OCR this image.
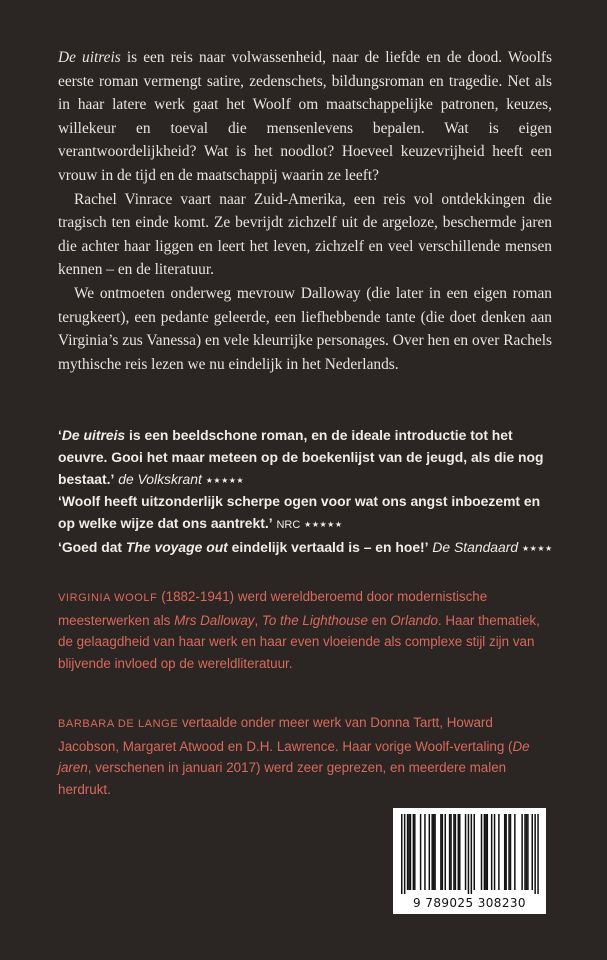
De uitreis is een reis naar volwassenheid, naar de liefde en de dood. Woolfs eerste roman vermengt satire, zedenschets, bildungsroman en tragedie. Net als in haar latere werk gaat het Woolf om maatschappelijke patronen, keuzes, willekeur en toeval die mensenlevens bepalen. Wat is eigen verantwoordelijkheid? Wat is het noodlot? Hoeveel keuzevrijheid heeft een vrouw in de tijd en de maatschappij waarin ze leeft?

Rachel Vinrace vaart naar Zuid-Amerika, een reis vol ontdekkingen die tragisch ten einde komt. Ze bevrijdt zichzelf uit de argeloze, beschermde jaren die achter haar liggen en leert het leven, zichzelf en veel verschillende mensen kennen – en de literatuur.

We ontmoeten onderweg mevrouw Dalloway (die later in een eigen roman terugkeert), een pedante geleerde, een liefhebbende tante (die doet denken aan Virginia’s zus Vanessa) en vele kleurrijke personages. Over hen en over Rachels mythische reis lezen we nu eindelijk in het Nederlands.

‘De uitreis is een beeldschone roman, en de ideale introductie tot het oeuvre. Gooi het maar meteen op de boekenlijst van de jeugd, als die nog bestaat.’ de Volkskrant ★★★★★

‘Woolf heeft uitzonderlijk scherpe ogen voor wat ons angst inboezemt en op welke wijze dat ons aantrekt.’ NRC ★★★★★

‘Goed dat The voyage out eindelijk vertaald is – en hoe!’ De Standaard ★★★★

VIRGINIA WOOLF (1882-1941) werd wereldberoemd door modernistische meesterwerken als Mrs Dalloway, To the Lighthouse en Orlando. Haar thematiek, de gelaagdheid van haar werk en haar even vloeiende als complexe stijl zijn van blijvende invloed op de wereldliteratuur.

BARBARA DE LANGE vertaalde onder meer werk van Donna Tartt, Howard Jacobson, Margaret Atwood en D.H. Lawrence. Haar vorige Woolf-vertaling (De jaren, verschenen in januari 2017) werd zeer geprezen, en meerdere malen herdrukt.

9 789025 308230
